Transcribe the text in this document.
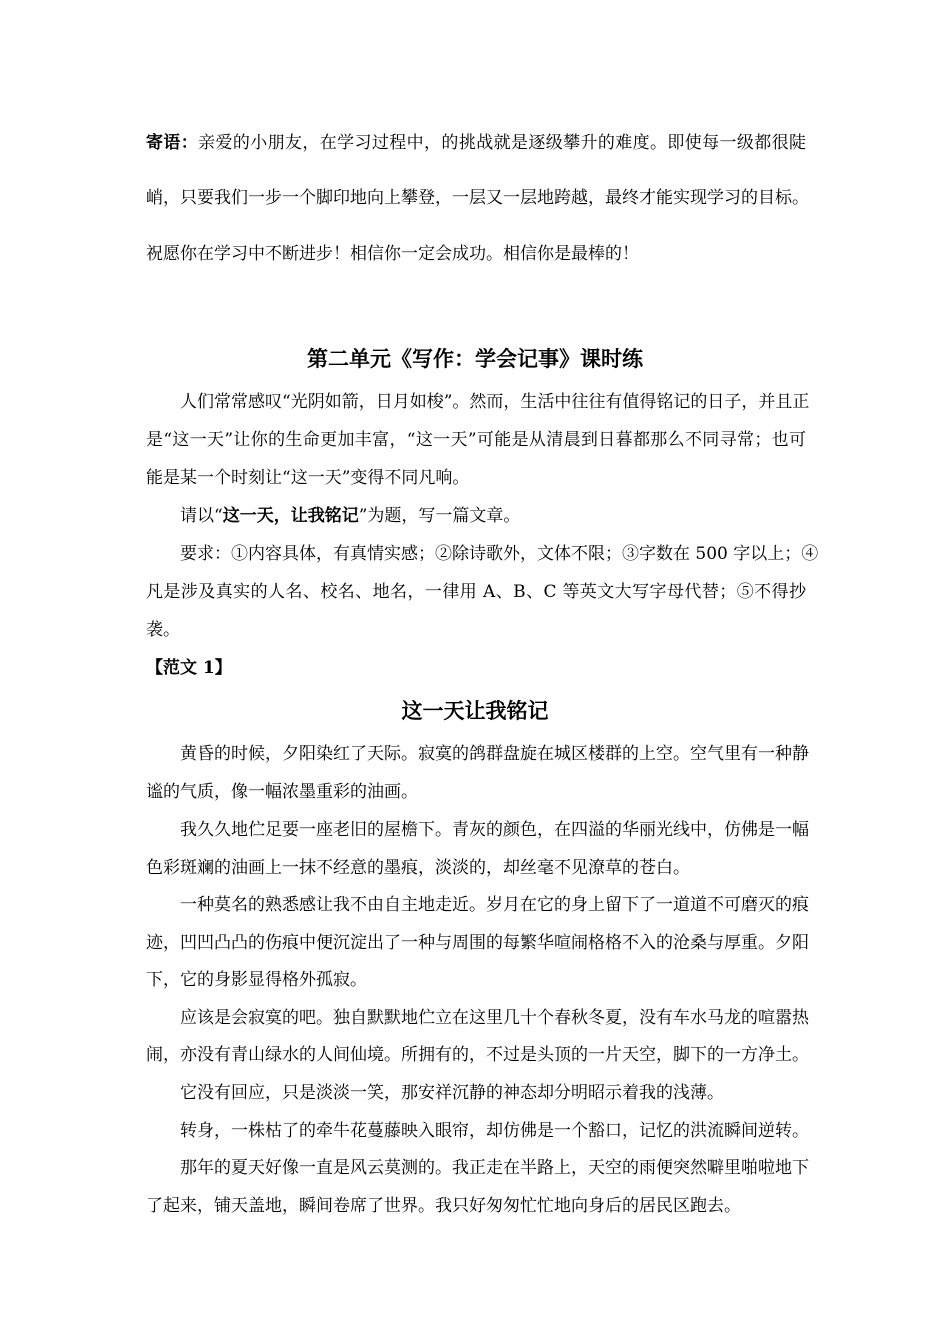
寄语：亲爱的小朋友，在学习过程中，的挑战就是逐级攀升的难度。即使每一级都很陡
峭，只要我们一步一个脚印地向上攀登，一层又一层地跨越，最终才能实现学习的目标。
祝愿你在学习中不断进步！相信你一定会成功。相信你是最棒的！
第二单元《写作：学会记事》课时练
人们常常感叹“光阴如箭，日月如梭”。然而，生活中往往有值得铭记的日子，并且正
是“这一天”让你的生命更加丰富，“这一天”可能是从清晨到日暮都那么不同寻常；也可
能是某一个时刻让“这一天”变得不同凡响。
请以“这一天，让我铭记”为题，写一篇文章。
要求：①内容具体，有真情实感；②除诗歌外，文体不限；③字数在 500 字以上；④
凡是涉及真实的人名、校名、地名，一律用 A、B、C 等英文大写字母代替；⑤不得抄
袭。
【范文 1】
这一天让我铭记
黄昏的时候，夕阳染红了天际。寂寞的鸽群盘旋在城区楼群的上空。空气里有一种静
谧的气质，像一幅浓墨重彩的油画。
我久久地伫足要一座老旧的屋檐下。青灰的颜色，在四溢的华丽光线中，仿佛是一幅
色彩斑斓的油画上一抹不经意的墨痕，淡淡的，却丝毫不见潦草的苍白。
一种莫名的熟悉感让我不由自主地走近。岁月在它的身上留下了一道道不可磨灭的痕
迹，凹凹凸凸的伤痕中便沉淀出了一种与周围的每繁华喧闹格格不入的沧桑与厚重。夕阳
下，它的身影显得格外孤寂。
应该是会寂寞的吧。独自默默地伫立在这里几十个春秋冬夏，没有车水马龙的喧嚣热
闹，亦没有青山绿水的人间仙境。所拥有的，不过是头顶的一片天空，脚下的一方净土。
它没有回应，只是淡淡一笑，那安祥沉静的神态却分明昭示着我的浅薄。
转身，一株枯了的牵牛花蔓藤映入眼帘，却仿佛是一个豁口，记忆的洪流瞬间逆转。
那年的夏天好像一直是风云莫测的。我正走在半路上，天空的雨便突然噼里啪啦地下
了起来，铺天盖地，瞬间卷席了世界。我只好匆匆忙忙地向身后的居民区跑去。
